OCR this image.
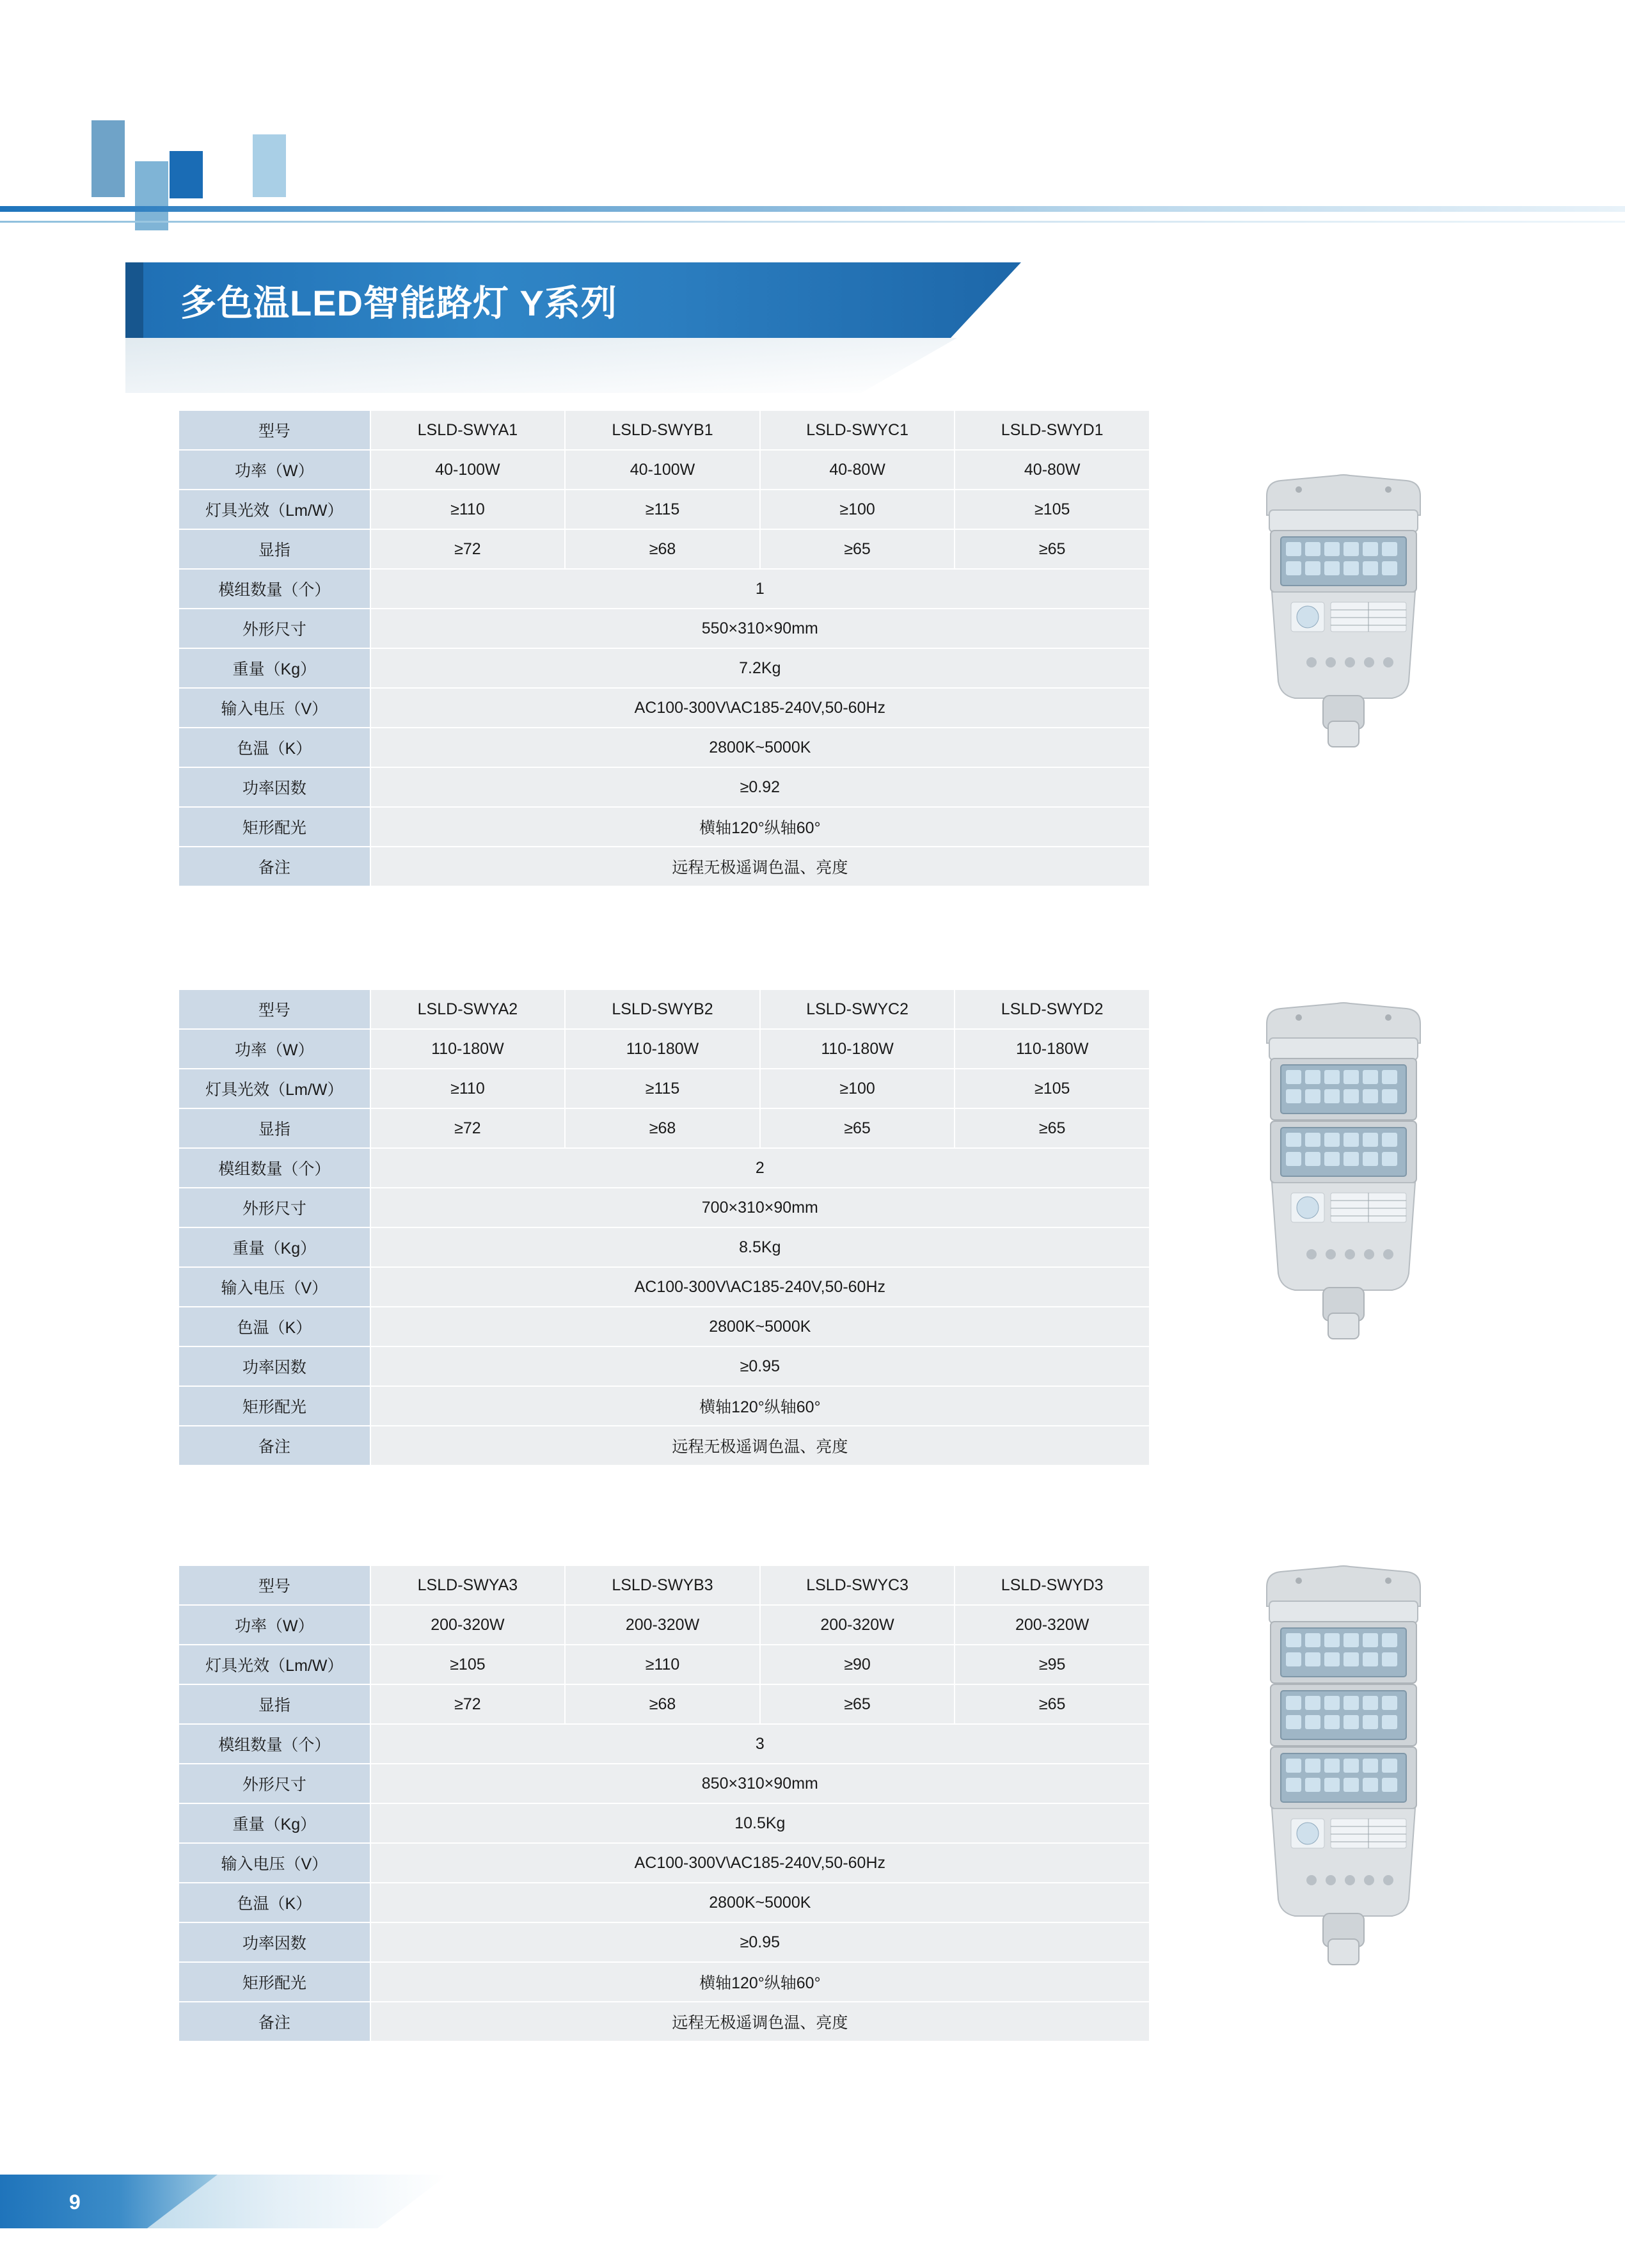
多色温LED智能路灯 Y系列
型号	LSLD-SWYA1	LSLD-SWYB1	LSLD-SWYC1	LSLD-SWYD1
功率（W）	40-100W	40-100W	40-80W	40-80W
灯具光效（Lm/W）	≥110	≥115	≥100	≥105
显指	≥72	≥68	≥65	≥65
模组数量（个）	1			
外形尺寸	550×310×90mm			
重量（Kg）	7.2Kg			
输入电压（V）	AC100-300V\AC185-240V,50-60Hz			
色温（K）	2800K~5000K			
功率因数	≥0.92			
矩形配光	横轴120°纵轴60°			
备注	远程无极遥调色温、亮度			
型号	LSLD-SWYA2	LSLD-SWYB2	LSLD-SWYC2	LSLD-SWYD2
功率（W）	110-180W	110-180W	110-180W	110-180W
灯具光效（Lm/W）	≥110	≥115	≥100	≥105
显指	≥72	≥68	≥65	≥65
模组数量（个）	2			
外形尺寸	700×310×90mm			
重量（Kg）	8.5Kg			
输入电压（V）	AC100-300V\AC185-240V,50-60Hz			
色温（K）	2800K~5000K			
功率因数	≥0.95			
矩形配光	横轴120°纵轴60°			
备注	远程无极遥调色温、亮度			
型号	LSLD-SWYA3	LSLD-SWYB3	LSLD-SWYC3	LSLD-SWYD3
功率（W）	200-320W	200-320W	200-320W	200-320W
灯具光效（Lm/W）	≥105	≥110	≥90	≥95
显指	≥72	≥68	≥65	≥65
模组数量（个）	3			
外形尺寸	850×310×90mm			
重量（Kg）	10.5Kg			
输入电压（V）	AC100-300V\AC185-240V,50-60Hz			
色温（K）	2800K~5000K			
功率因数	≥0.95			
矩形配光	横轴120°纵轴60°			
备注	远程无极遥调色温、亮度			
9
